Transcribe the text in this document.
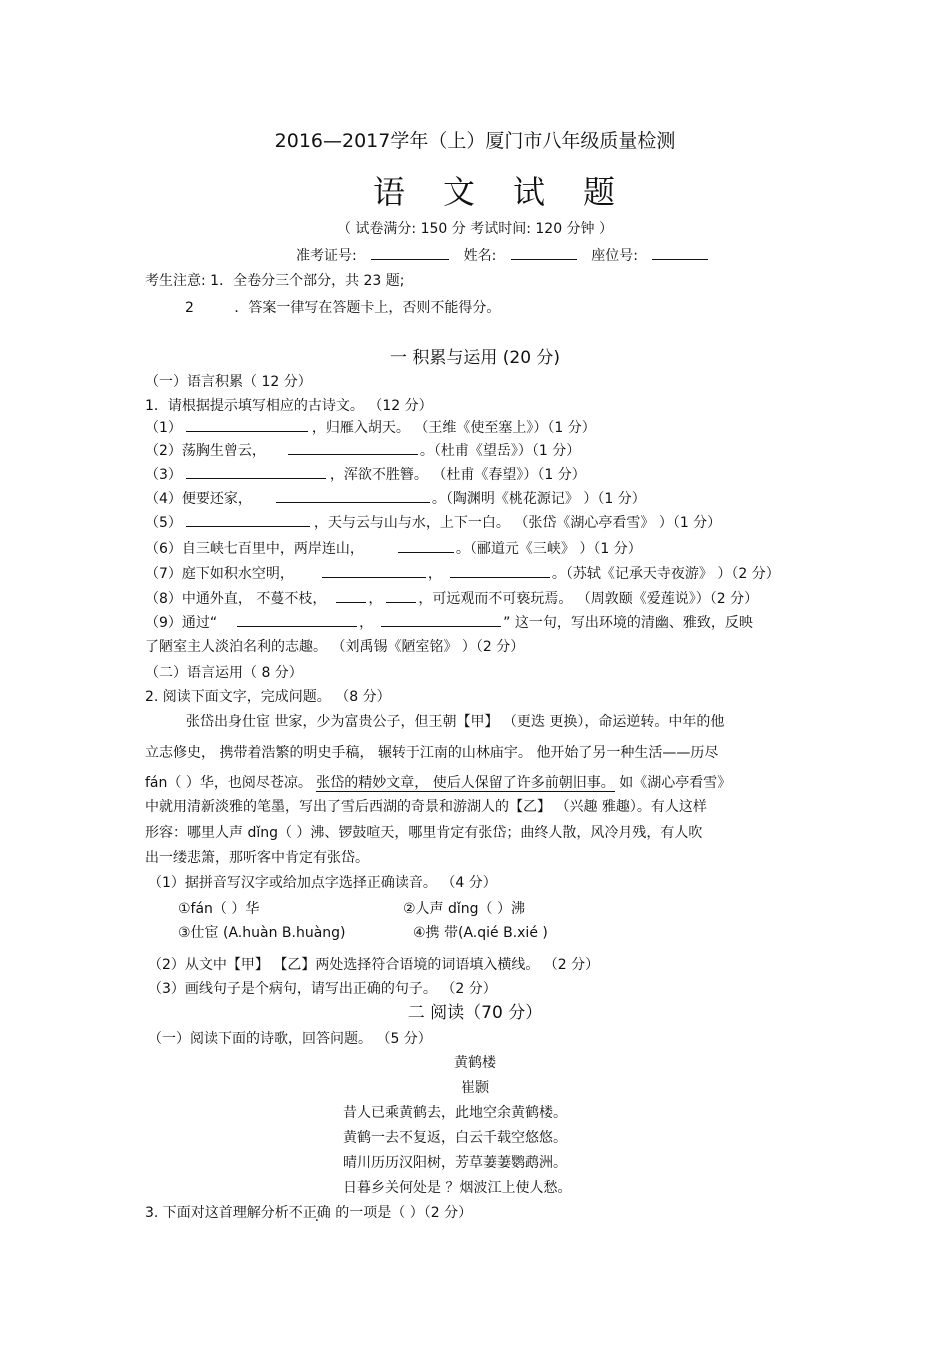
2016—2017学年（上）厦门市八年级质量检测
语文试题
（ 试卷满分: 150 分 考试时间: 120 分钟 ）
准考证号:	姓名:	座位号:
考生注意: 1．全卷分三个部分，共 23 题;
2	．答案一律写在答题卡上，否则不能得分。
一 积累与运用 (20 分)
（一）语言积累（ 12 分）
1．请根据提示填写相应的古诗文。 （12 分）
（1）	，归雁入胡天。 （王维《使至塞上》）（1 分）
（2）荡胸生曾云，	。（杜甫《望岳》）（1 分）
（3）	，浑欲不胜簪。 （杜甫《春望》）（1 分）
（4）便要还家，	。（陶渊明《桃花源记》 ）（1 分）
（5）	，天与云与山与水，上下一白。 （张岱《湖心亭看雪》 ）（1 分）
（6）自三峡七百里中，两岸连山，	。（郦道元《三峡》 ）（1 分）
（7）庭下如积水空明，	，	。（苏轼《记承天寺夜游》 ）（2 分）
（8）中通外直， 不蔓不枝，	，	，可远观而不可亵玩焉。 （周敦颐《爱莲说》）（2 分）
（9）通过“	，	” 这一句，写出环境的清幽、雅致，反映
了陋室主人淡泊名利的志趣。 （刘禹锡《陋室铭》 ）（2 分）
（二）语言运用（ 8 分）
2. 阅读下面文字，完成问题。 （8 分）
张岱出身仕宦 世家，少为富贵公子，但王朝【甲】 （更迭 更换），命运逆转。中年的他
立志修史， 携带着浩繁的明史手稿， 辗转于江南的山林庙宇。 他开始了另一种生活——历尽
fán（ ）华，也阅尽苍凉。 张岱的精妙文章， 使后人保留了许多前朝旧事。 如《湖心亭看雪》
中就用清新淡雅的笔墨，写出了雪后西湖的奇景和游湖人的【乙】 （兴趣 雅趣）。有人这样
形容：哪里人声 dǐng（ ）沸、锣鼓喧天，哪里肯定有张岱；曲终人散，风冷月残，有人吹
出一缕悲箫，那听客中肯定有张岱。
（1）据拼音写汉字或给加点字选择正确读音。 （4 分）
①fán（ ）华	②人声 dǐng（ ）沸
③仕宦 (A.huàn B.huàng)	④携 带(A.qié B.xié )
（2）从文中【甲】 【乙】两处选择符合语境的词语填入横线。 （2 分）
（3）画线句子是个病句，请写出正确的句子。 （2 分）
二 阅读（70 分）
（一）阅读下面的诗歌，回答问题。 （5 分）
黄鹤楼
崔颢
昔人已乘黄鹤去，此地空余黄鹤楼。
黄鹤一去不复返，白云千载空悠悠。
晴川历历汉阳树，芳草萋萋鹦鹉洲。
日暮乡关何处是 ？烟波江上使人愁。
3. 下面对这首理解分析不正确 的一项是（ ）（2 分）
